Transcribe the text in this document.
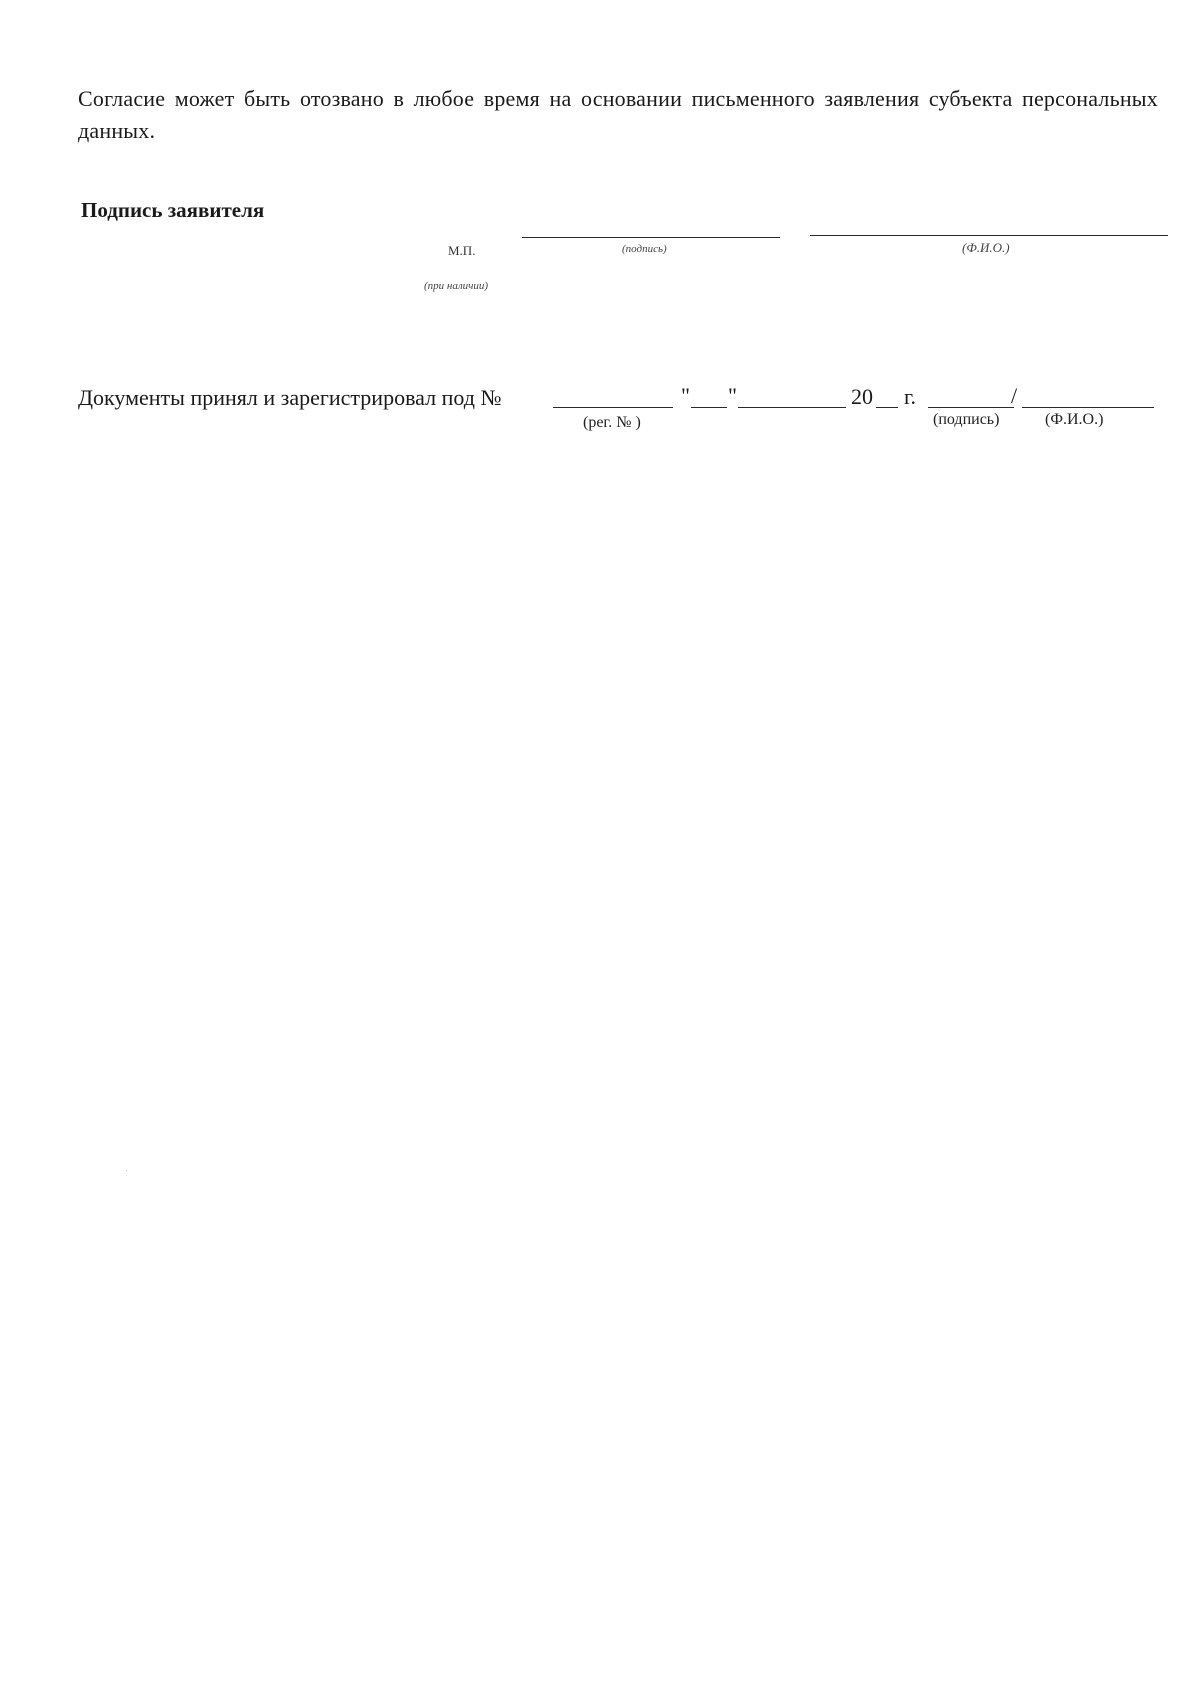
Согласие может быть отозвано в любое время на основании письменного заявления субъекта персональных данных.

Подпись заявителя
М.П.
(при наличии)
(подпись)	(Ф.И.О.)
Документы принял и зарегистрировал под №
(рег. № )
" "	20 г.	/
(подпись)	(Ф.И.О.)
